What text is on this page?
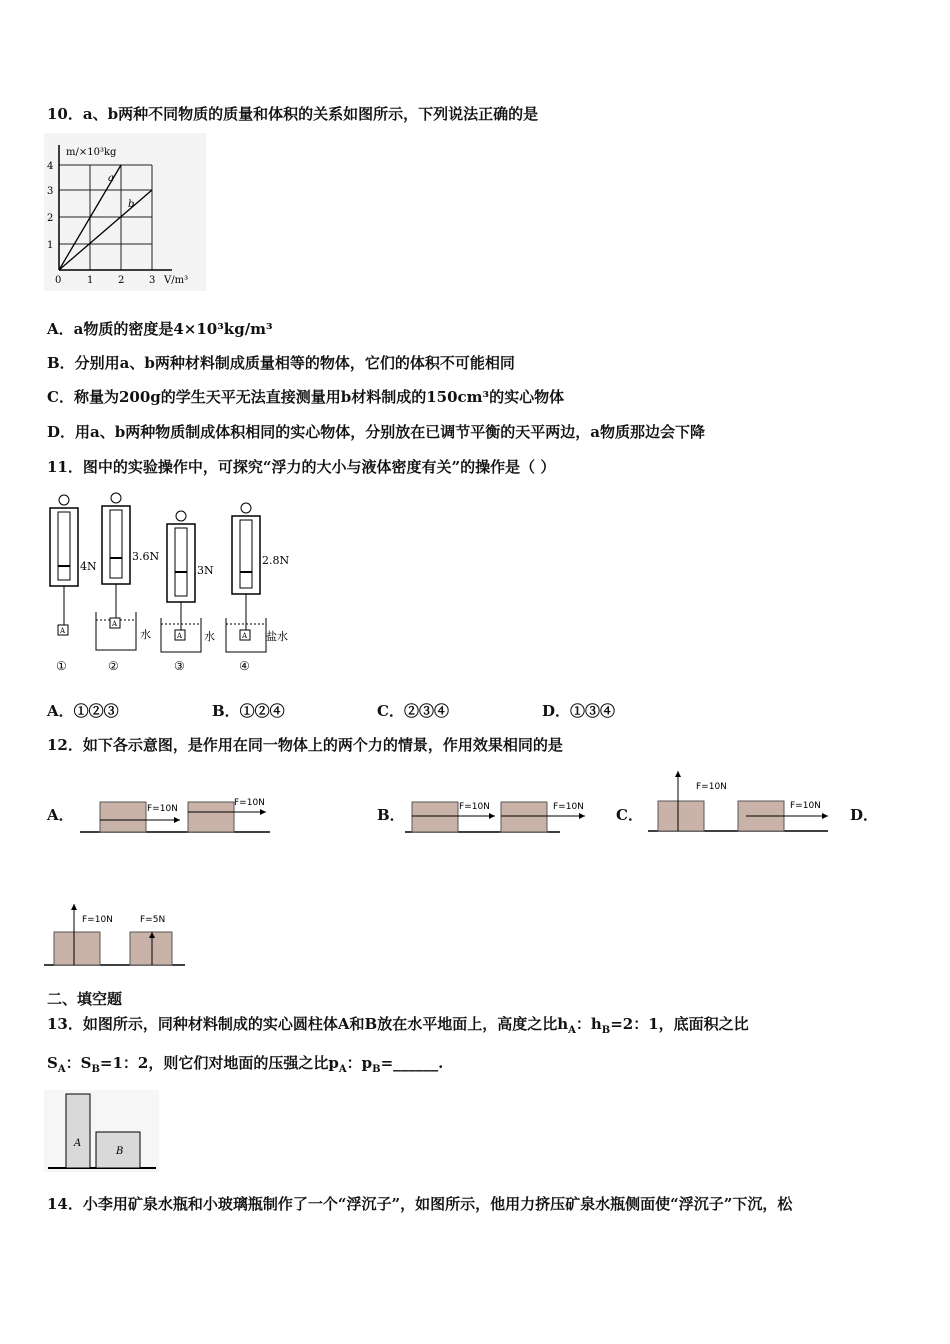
10．a、b两种不同物质的质量和体积的关系如图所示，下列说法正确的是
a
b
m/×10³kg
1
2
3
4
0	1 2 3 V/m³
A．a物质的密度是4×10³kg/m³
B．分别用a、b两种材料制成质量相等的物体，它们的体积不可能相同
C．称量为200g的学生天平无法直接测量用b材料制成的150cm³的实心物体
D．用a、b两种物质制成体积相同的实心物体，分别放在已调节平衡的天平两边，a物质那边会下降
11．图中的实验操作中，可探究“浮力的大小与液体密度有关”的操作是（ ）
A
4N
①
A
3.6N
水
②
A
3N
水
③
A
2.8N
盐水
④
A．①②③	B．①②④	C．②③④	D．①③④
12．如下各示意图，是作用在同一物体上的两个力的情景，作用效果相同的是
A．	F=10N
F=10N
B．	F=10N	F=10N C．
F=10N
F=10N D．
F=10N	F=5N
二、填空题
13．如图所示，同种材料制成的实心圆柱体A和B放在水平地面上，高度之比$h_A$：$h_B=2$：1，底面积之比
$S_A$：$S_B=1$：2，则它们对地面的压强之比$p_A$：$p_B=\_\_\_\_\_\_$.
A
B
14．小李用矿泉水瓶和小玻璃瓶制作了一个“浮沉子”，如图所示，他用力挤压矿泉水瓶侧面使“浮沉子”下沉，松
